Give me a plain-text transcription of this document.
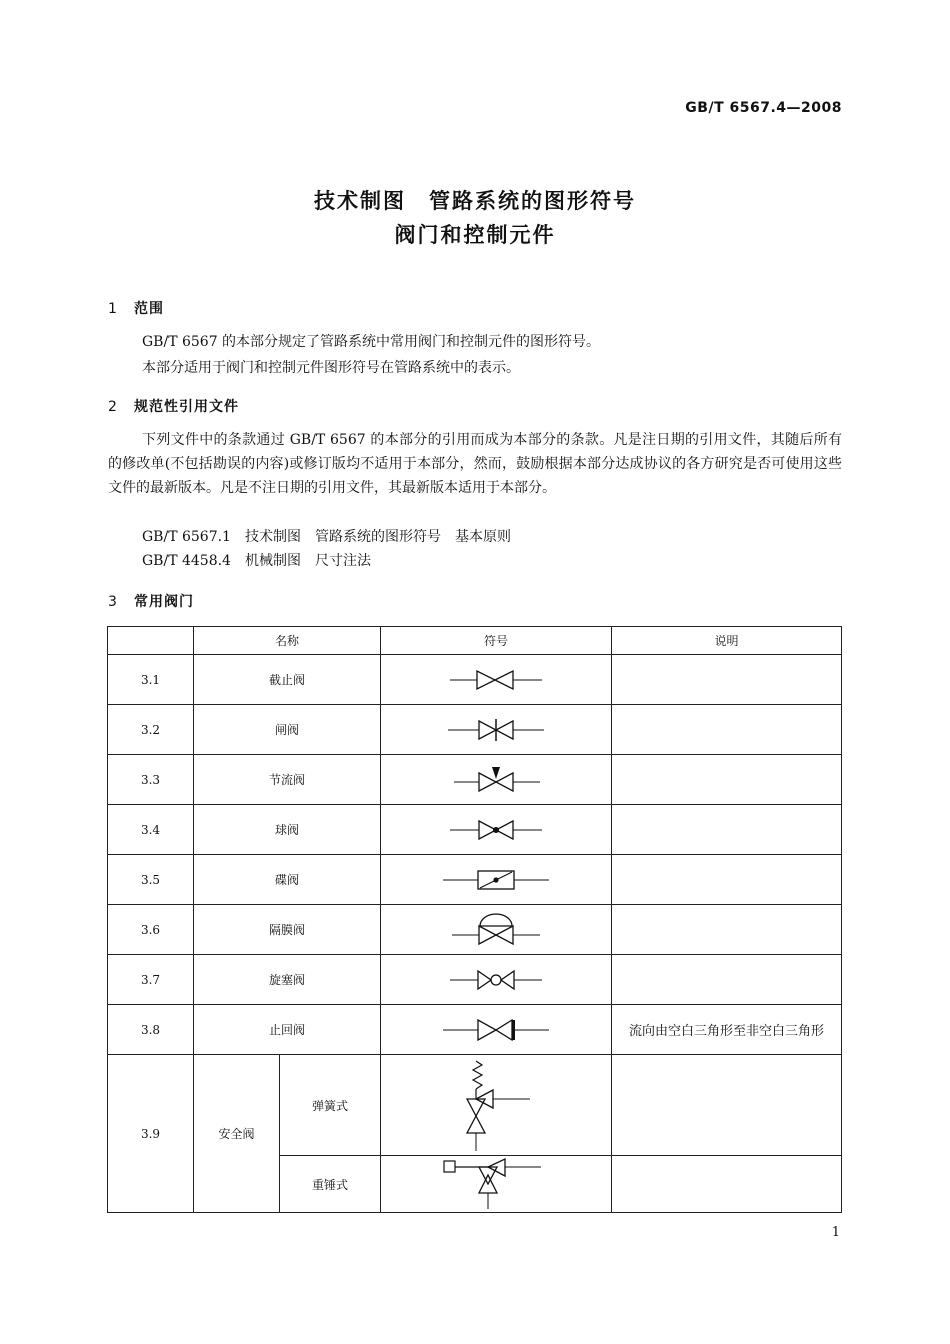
GB/T 6567.4—2008
技术制图　管路系统的图形符号
阀门和控制元件
1 范围
GB/T 6567 的本部分规定了管路系统中常用阀门和控制元件的图形符号。
本部分适用于阀门和控制元件图形符号在管路系统中的表示。
2 规范性引用文件
下列文件中的条款通过 GB/T 6567 的本部分的引用而成为本部分的条款。凡是注日期的引用文件，其随后所有的修改单(不包括勘误的内容)或修订版均不适用于本部分，然而，鼓励根据本部分达成协议的各方研究是否可使用这些文件的最新版本。凡是不注日期的引用文件，其最新版本适用于本部分。
GB/T 6567.1　技术制图　管路系统的图形符号　基本原则
GB/T 4458.4　机械制图　尺寸注法
3 常用阀门
	名称		符号	说明
3.1	截止阀	

3.2	闸阀	

3.3	节流阀	

3.4	球阀	

3.5	碟阀	

3.6	隔膜阀	

3.7	旋塞阀	

3.8	止回阀			流向由空白三角形至非空白三角形
3.9	安全阀	弹簧式	

		重锤式	

1
